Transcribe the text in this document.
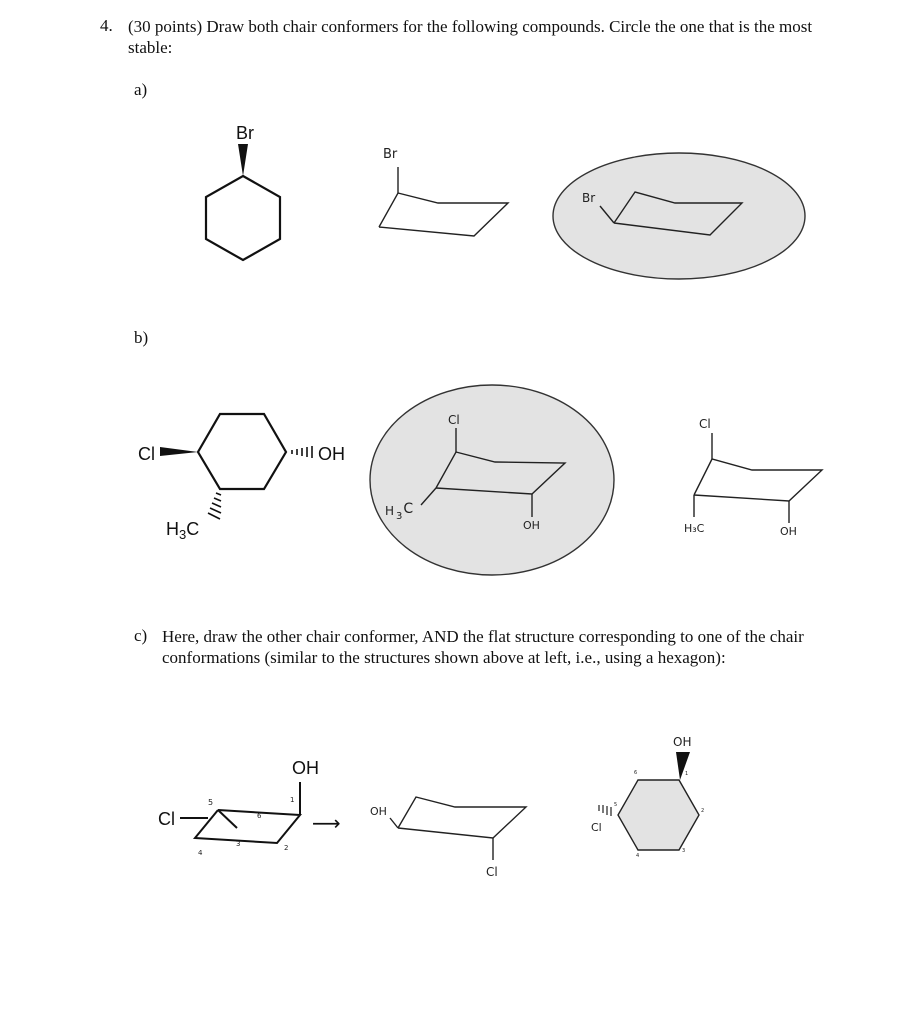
4. (30 points) Draw both chair conformers for the following compounds. Circle the one that is the most stable:
a)
b)
c) Here, draw the other chair conformer, AND the flat structure corresponding to one of the chair conformations (similar to the structures shown above at left, i.e., using a hexagon):
Br
Br
Br
Cl	OH
$H_3C$
Cl
H $_3$C
OH
Cl
H₃C	OH
OH
Cl
1
2
3
4
5
6	⟶
OH
Cl
OH
Cl
1
2
3
4
5
6
